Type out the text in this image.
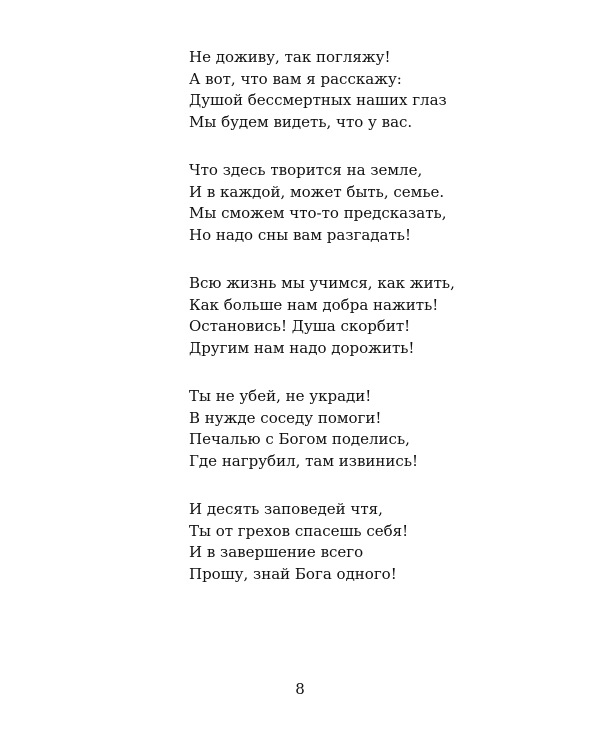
Не доживу, так погляжу!
А вот, что вам я расскажу:
Душой бессмертных наших глаз
Мы будем видеть, что у вас.
Что здесь творится на земле,
И в каждой, может быть, семье.
Мы сможем что-то предсказать,
Но надо сны вам разгадать!
Всю жизнь мы учимся, как жить,
Как больше нам добра нажить!
Остановись! Душа скорбит!
Другим нам надо дорожить!
Ты не убей, не укради!
В нужде соседу помоги!
Печалью с Богом поделись,
Где нагрубил, там извинись!
И десять заповедей чтя,
Ты от грехов спасешь себя!
И в завершение всего
Прошу, знай Бога одного!
8
